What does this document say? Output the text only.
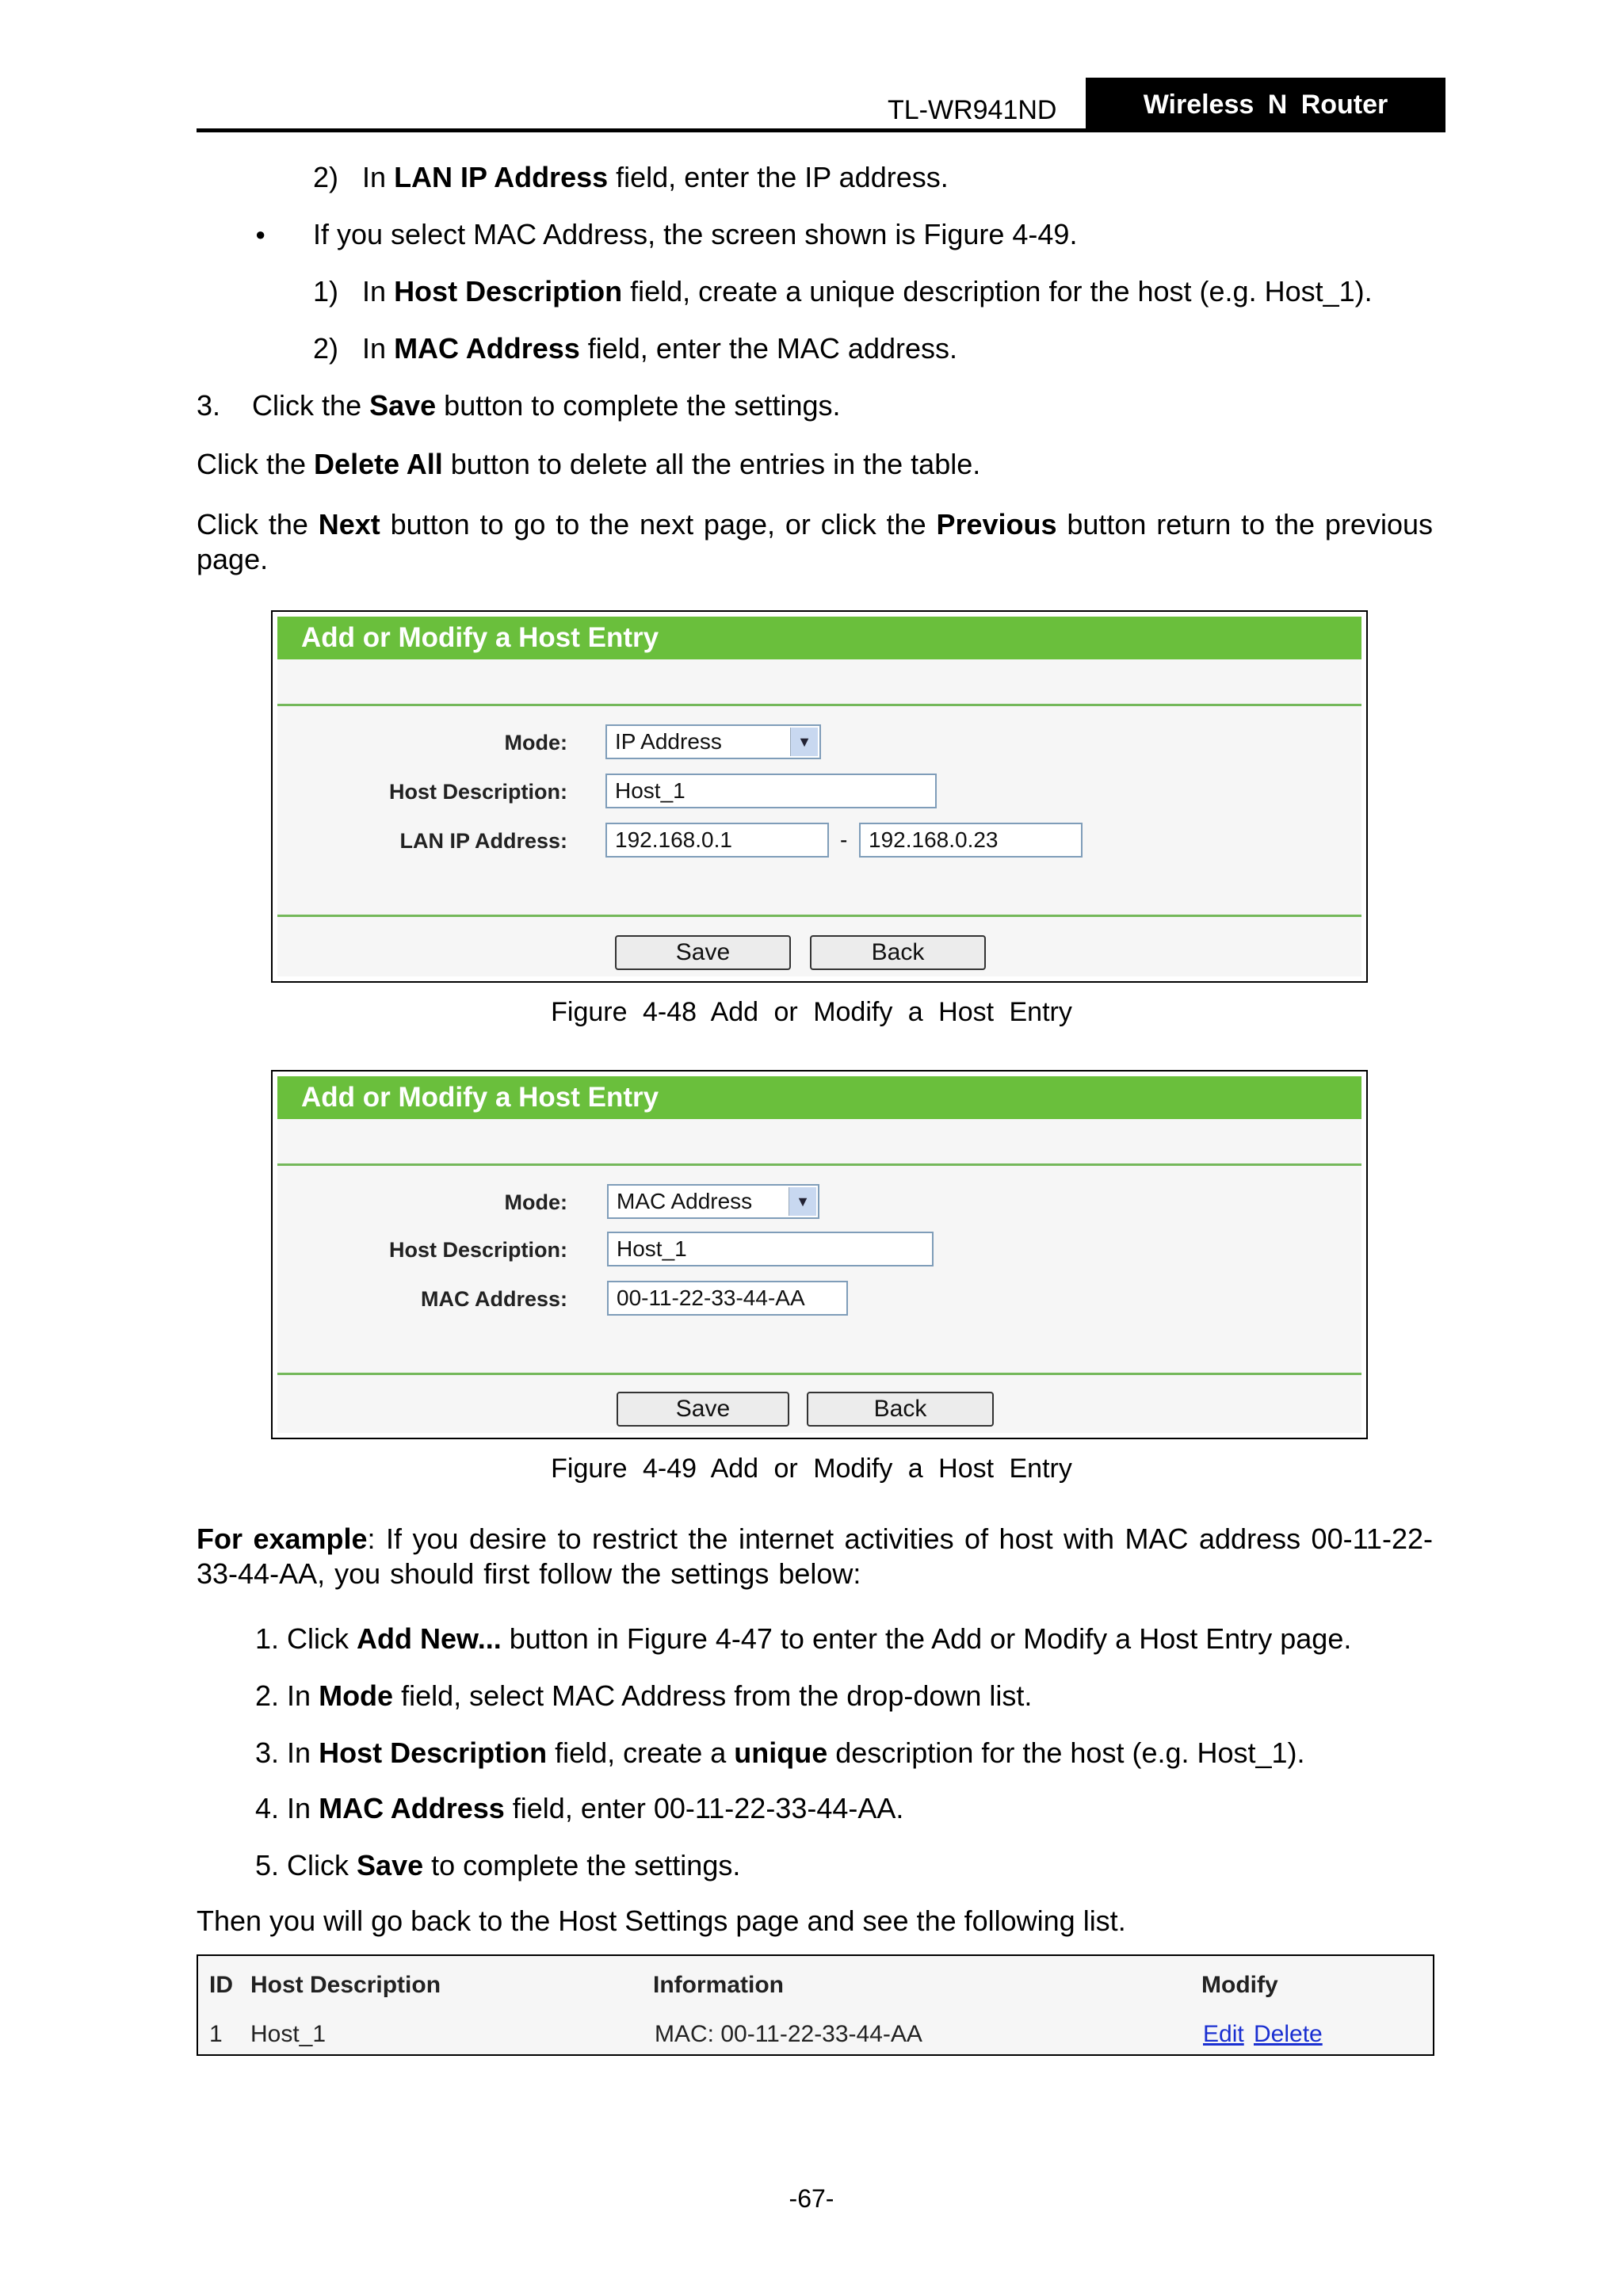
TL-WR941ND	Wireless N Router
2) In LAN IP Address field, enter the IP address.
● If you select MAC Address, the screen shown is Figure 4-49.
1) In Host Description field, create a unique description for the host (e.g. Host_1).
2) In MAC Address field, enter the MAC address.
3. Click the Save button to complete the settings.
Click the Delete All button to delete all the entries in the table.
Click the Next button to go to the next page, or click the Previous button return to the previous page.
Add or Modify a Host Entry
Mode:	IP Address	▼
Host Description:	Host_1
LAN IP Address:	192.168.0.1	- 192.168.0.23
Save	Back
Figure 4-48 Add or Modify a Host Entry
Add or Modify a Host Entry
Mode:	MAC Address	▼
Host Description:	Host_1
MAC Address:	00-11-22-33-44-AA
Save	Back
Figure 4-49 Add or Modify a Host Entry
For example: If you desire to restrict the internet activities of host with MAC address 00-11-22-33-44-AA, you should first follow the settings below:
1. Click Add New... button in Figure 4-47 to enter the Add or Modify a Host Entry page.
2. In Mode field, select MAC Address from the drop-down list.
3. In Host Description field, create a unique description for the host (e.g. Host_1).
4. In MAC Address field, enter 00-11-22-33-44-AA.
5. Click Save to complete the settings.
Then you will go back to the Host Settings page and see the following list.
ID Host Description	Information	Modify
1 Host_1	MAC: 00-11-22-33-44-AA	Edit Delete
-67-
